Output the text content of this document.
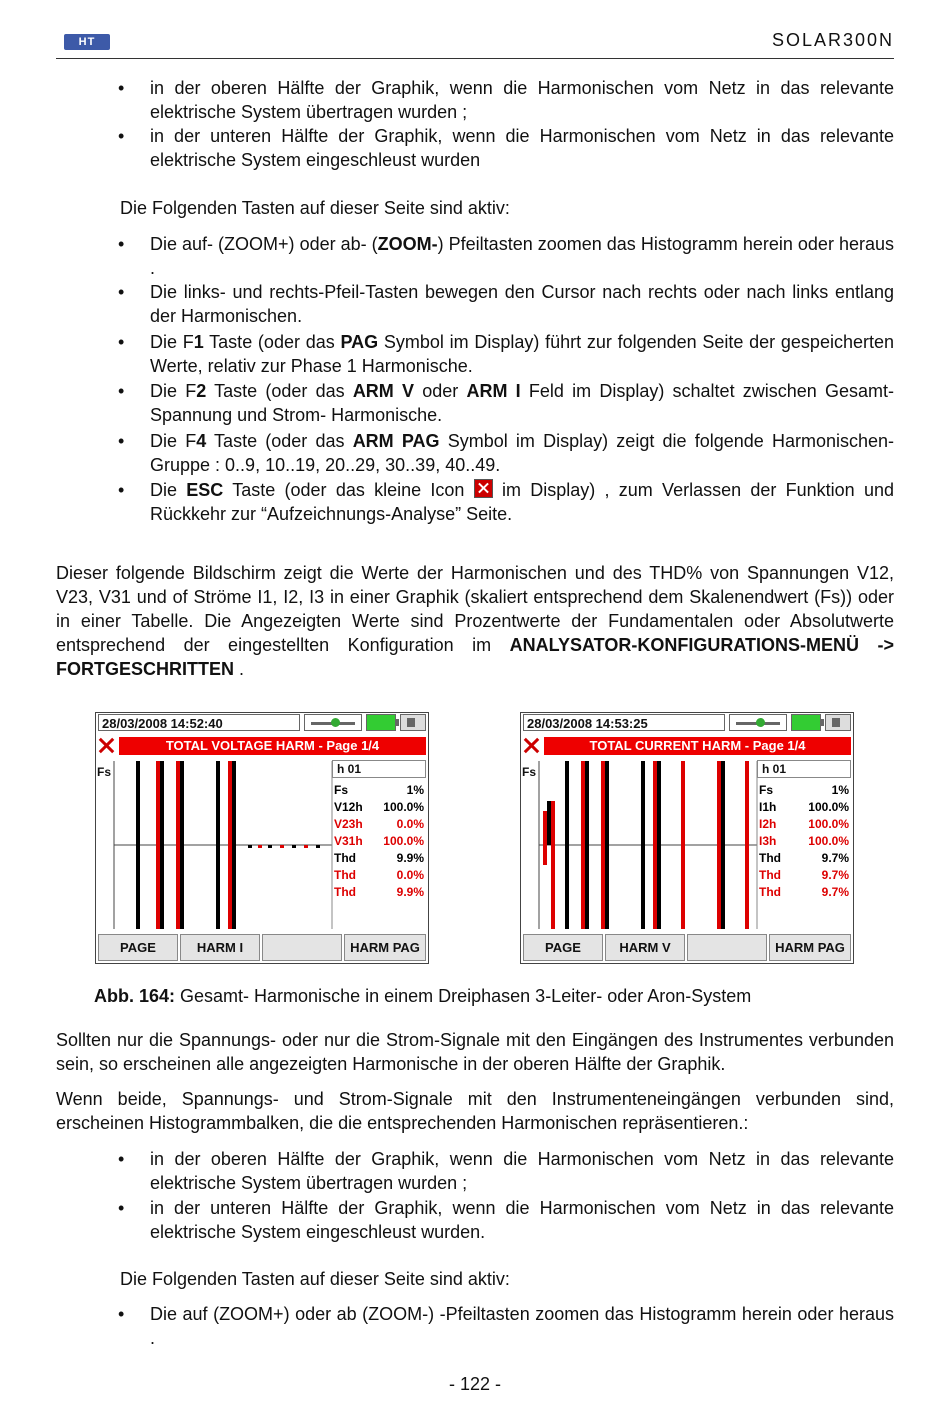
HT	SOLAR300N
• in der oberen Hälfte der Graphik, wenn die Harmonischen vom Netz in das relevante elektrische System übertragen wurden ;
• in der unteren Hälfte der Graphik, wenn die Harmonischen vom Netz in das relevante elektrische System eingeschleust wurden
Die Folgenden Tasten auf dieser Seite sind aktiv:
• Die auf- (ZOOM+) oder ab- (ZOOM-) Pfeiltasten zoomen das Histogramm herein oder heraus .
• Die links- und rechts-Pfeil-Tasten bewegen den Cursor nach rechts oder nach links entlang der Harmonischen.
• Die F1 Taste (oder das PAG Symbol im Display) führt zur folgenden Seite der gespeicherten Werte, relativ zur Phase 1 Harmonische.
• Die F2 Taste (oder das ARM V oder ARM I Feld im Display) schaltet zwischen Gesamt- Spannung und Strom- Harmonische.
• Die F4 Taste (oder das ARM PAG Symbol im Display) zeigt die folgende Harmonischen-Gruppe : 0..9, 10..19, 20..29, 30..39, 40..49.
• Die ESC Taste (oder das kleine Icon  im Display) , zum Verlassen der Funktion und Rückkehr zur “Aufzeichnungs-Analyse” Seite.
Dieser folgende Bildschirm zeigt die Werte der Harmonischen und des THD% von Spannungen V12, V23, V31 und of Ströme I1, I2, I3 in einer Graphik (skaliert entsprechend dem Skalenendwert (Fs)) oder in einer Tabelle. Die Angezeigten Werte sind Prozentwerte der Fundamentalen oder Absolutwerte entsprechend der eingestellten Konfiguration im ANALYSATOR-KONFIGURATIONS-MENÜ -> FORTGESCHRITTEN .
28/03/2008 14:52:40
TOTAL VOLTAGE HARM - Page 1/4
Fs	h 01
Fs	1%
V12h 100.0%
V23h	0.0%
V31h 100.0%
Thd	9.9%
Thd	0.0%
Thd	9.9%
PAGE	HARM I	HARM PAG
28/03/2008 14:53:25
TOTAL CURRENT HARM - Page 1/4
Fs	h 01
Fs	1%
I1h	100.0%
I2h	100.0%
I3h	100.0%
Thd	9.7%
Thd	9.7%
Thd	9.7%
PAGE	HARM V	HARM PAG
Abb. 164: Gesamt- Harmonische in einem Dreiphasen 3-Leiter- oder Aron-System
Sollten nur die Spannungs- oder nur die Strom-Signale mit den Eingängen des Instrumentes verbunden sein, so erscheinen alle angezeigten Harmonische in der oberen Hälfte der Graphik.
Wenn beide, Spannungs- und Strom-Signale mit den Instrumenteneingängen verbunden sind, erscheinen Histogrammbalken, die die entsprechenden Harmonischen repräsentieren.:
• in der oberen Hälfte der Graphik, wenn die Harmonischen vom Netz in das relevante elektrische System übertragen wurden ;
• in der unteren Hälfte der Graphik, wenn die Harmonischen vom Netz in das relevante elektrische System eingeschleust wurden.
Die Folgenden Tasten auf dieser Seite sind aktiv:
• Die auf (ZOOM+) oder ab (ZOOM-) -Pfeiltasten zoomen das Histogramm herein oder heraus .
- 122 -
